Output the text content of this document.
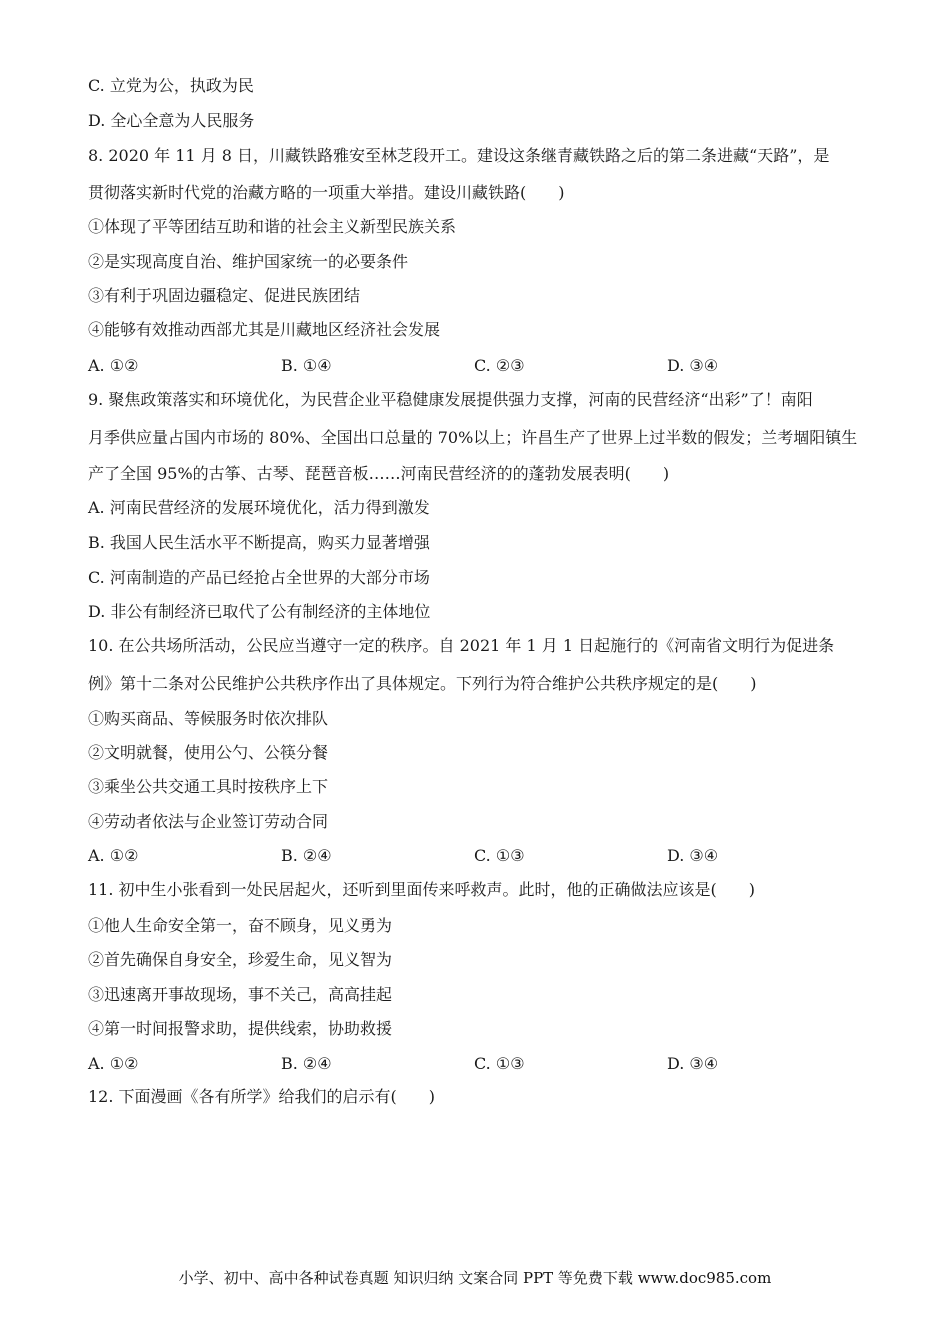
C. 立党为公，执政为民
D. 全心全意为人民服务
8. 2020 年 11 月 8 日，川藏铁路雅安至林芝段开工。建设这条继青藏铁路之后的第二条进藏“天路”，是
贯彻落实新时代党的治藏方略的一项重大举措。建设川藏铁路(　　)
①体现了平等团结互助和谐的社会主义新型民族关系
②是实现高度自治、维护国家统一的必要条件
③有利于巩固边疆稳定、促进民族团结
④能够有效推动西部尤其是川藏地区经济社会发展
A. ①②	B. ①④	C. ②③	D. ③④
9. 聚焦政策落实和环境优化，为民营企业平稳健康发展提供强力支撑，河南的民营经济“出彩”了！南阳
月季供应量占国内市场的 80%、全国出口总量的 70%以上；许昌生产了世界上过半数的假发；兰考堌阳镇生
产了全国 95%的古筝、古琴、琵琶音板……河南民营经济的的蓬勃发展表明(　　)
A. 河南民营经济的发展环境优化，活力得到激发
B. 我国人民生活水平不断提高，购买力显著增强
C. 河南制造的产品已经抢占全世界的大部分市场
D. 非公有制经济已取代了公有制经济的主体地位
10. 在公共场所活动，公民应当遵守一定的秩序。自 2021 年 1 月 1 日起施行的《河南省文明行为促进条
例》第十二条对公民维护公共秩序作出了具体规定。下列行为符合维护公共秩序规定的是(　　)
①购买商品、等候服务时依次排队
②文明就餐，使用公勺、公筷分餐
③乘坐公共交通工具时按秩序上下
④劳动者依法与企业签订劳动合同
A. ①②	B. ②④	C. ①③	D. ③④
11. 初中生小张看到一处民居起火，还听到里面传来呼救声。此时，他的正确做法应该是(　　)
①他人生命安全第一，奋不顾身，见义勇为
②首先确保自身安全，珍爱生命，见义智为
③迅速离开事故现场，事不关己，高高挂起
④第一时间报警求助，提供线索，协助救援
A. ①②	B. ②④	C. ①③	D. ③④
12. 下面漫画《各有所学》给我们的启示有(　　)
小学、初中、高中各种试卷真题 知识归纳 文案合同 PPT 等免费下载 www.doc985.com
